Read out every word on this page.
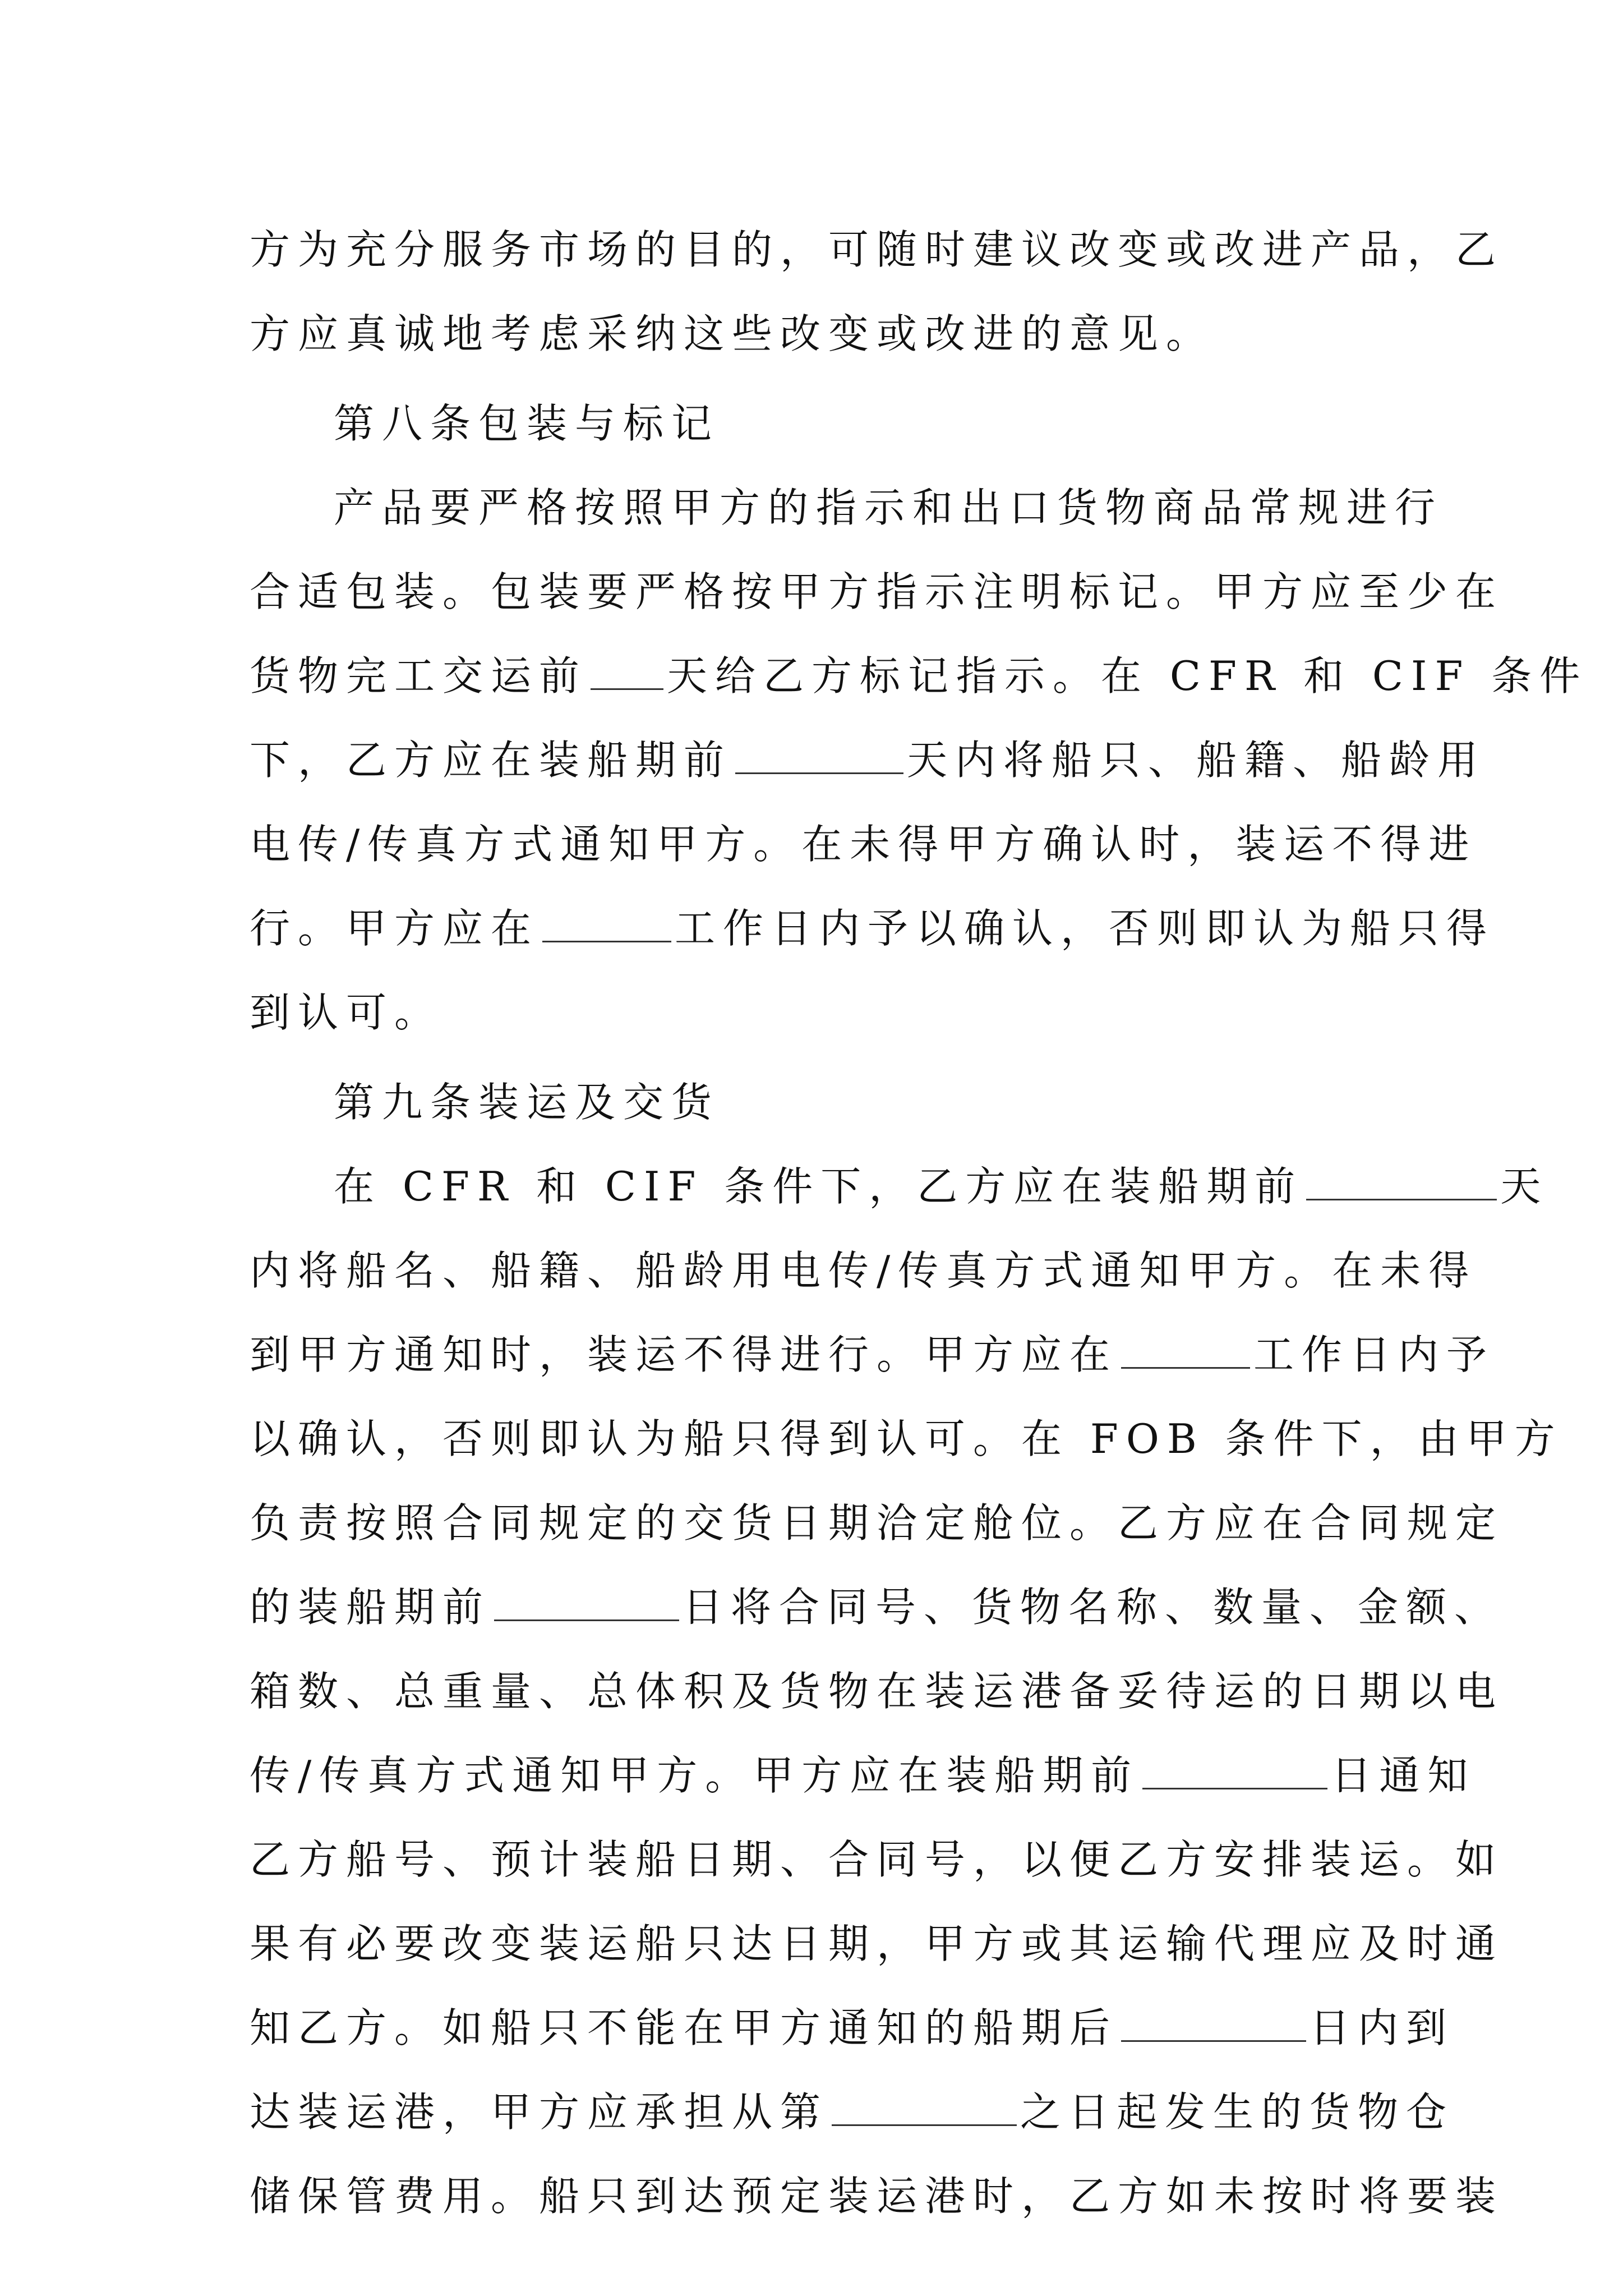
方为充分服务市场的目的，可随时建议改变或改进产品，乙
方应真诚地考虑采纳这些改变或改进的意见。
第八条包装与标记
产品要严格按照甲方的指示和出口货物商品常规进行
合适包装。包装要严格按甲方指示注明标记。甲方应至少在
货物完工交运前 天给乙方标记指示。在 CFR 和 CIF 条件
下，乙方应在装船期前	天内将船只、船籍、船龄用
电传/传真方式通知甲方。在未得甲方确认时，装运不得进
行。甲方应在	工作日内予以确认，否则即认为船只得
到认可。
第九条装运及交货
在 CFR 和 CIF 条件下，乙方应在装船期前	天
内将船名、船籍、船龄用电传/传真方式通知甲方。在未得
到甲方通知时，装运不得进行。甲方应在	工作日内予
以确认，否则即认为船只得到认可。在 FOB 条件下，由甲方
负责按照合同规定的交货日期洽定舱位。乙方应在合同规定
的装船期前	日将合同号、货物名称、数量、金额、
箱数、总重量、总体积及货物在装运港备妥待运的日期以电
传/传真方式通知甲方。甲方应在装船期前	日通知
乙方船号、预计装船日期、合同号，以便乙方安排装运。如
果有必要改变装运船只达日期，甲方或其运输代理应及时通
知乙方。如船只不能在甲方通知的船期后	日内到
达装运港，甲方应承担从第	之日起发生的货物仓
储保管费用。船只到达预定装运港时，乙方如未按时将要装
